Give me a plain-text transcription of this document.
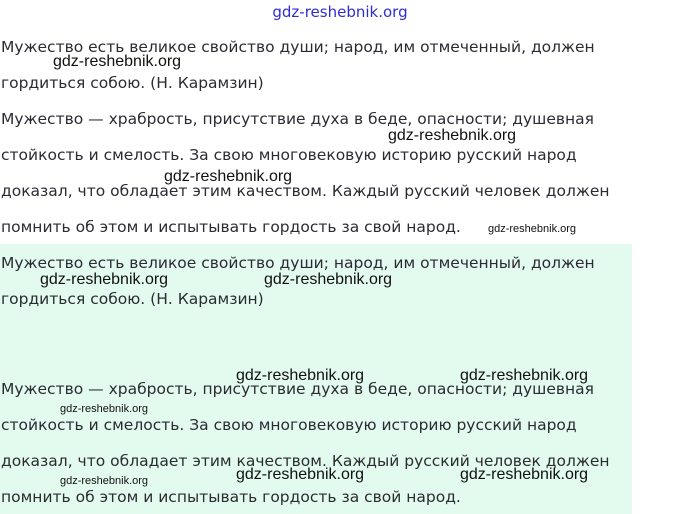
gdz-reshebnik.org

Мужество есть великое свойство души; народ, им отмеченный, должен

гордиться собою. (Н. Карамзин)

Мужество — храбрость, присутствие духа в беде, опасности; душевная

стойкость и смелость. За свою многовековую историю русский народ

доказал, что обладает этим качеством. Каждый русский человек должен

помнить об этом и испытывать гордость за свой народ.

Мужество есть великое свойство души; народ, им отмеченный, должен

гордиться собою. (Н. Карамзин)

Мужество — храбрость, присутствие духа в беде, опасности; душевная

стойкость и смелость. За свою многовековую историю русский народ

доказал, что обладает этим качеством. Каждый русский человек должен

помнить об этом и испытывать гордость за свой народ.

gdz-reshebnik.org
gdz-reshebnik.org
gdz-reshebnik.org
gdz-reshebnik.org
gdz-reshebnik.org	gdz-reshebnik.org
gdz-reshebnik.org	gdz-reshebnik.org
gdz-reshebnik.org
gdz-reshebnik.org	gdz-reshebnik.org
gdz-reshebnik.org
